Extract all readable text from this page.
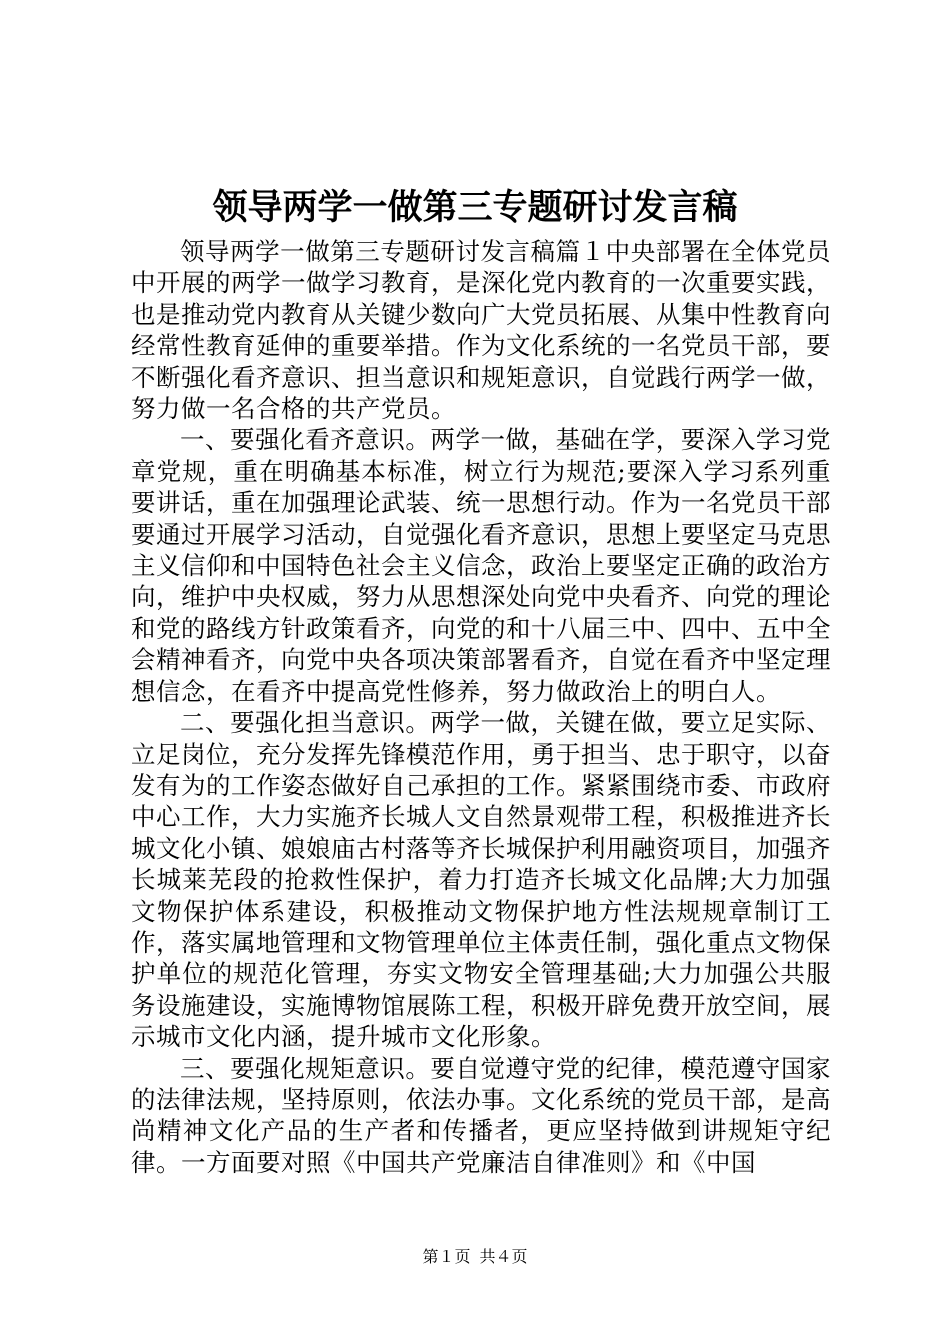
领导两学一做第三专题研讨发言稿

领导两学一做第三专题研讨发言稿篇１中央部署在全体党员中开展的两学一做学习教育，是深化党内教育的一次重要实践，也是推动党内教育从关键少数向广大党员拓展、从集中性教育向经常性教育延伸的重要举措。作为文化系统的一名党员干部，要不断强化看齐意识、担当意识和规矩意识，自觉践行两学一做，努力做一名合格的共产党员。

一、要强化看齐意识。两学一做，基础在学，要深入学习党章党规，重在明确基本标准，树立行为规范;要深入学习系列重要讲话，重在加强理论武装、统一思想行动。作为一名党员干部要通过开展学习活动，自觉强化看齐意识，思想上要坚定马克思主义信仰和中国特色社会主义信念，政治上要坚定正确的政治方向，维护中央权威，努力从思想深处向党中央看齐、向党的理论和党的路线方针政策看齐，向党的和十八届三中、四中、五中全会精神看齐，向党中央各项决策部署看齐，自觉在看齐中坚定理想信念，在看齐中提高党性修养，努力做政治上的明白人。

二、要强化担当意识。两学一做，关键在做，要立足实际、立足岗位，充分发挥先锋模范作用，勇于担当、忠于职守，以奋发有为的工作姿态做好自己承担的工作。紧紧围绕市委、市政府中心工作，大力实施齐长城人文自然景观带工程，积极推进齐长城文化小镇、娘娘庙古村落等齐长城保护利用融资项目，加强齐长城莱芜段的抢救性保护，着力打造齐长城文化品牌;大力加强文物保护体系建设，积极推动文物保护地方性法规规章制订工作，落实属地管理和文物管理单位主体责任制，强化重点文物保护单位的规范化管理，夯实文物安全管理基础;大力加强公共服务设施建设，实施博物馆展陈工程，积极开辟免费开放空间，展示城市文化内涵，提升城市文化形象。

三、要强化规矩意识。要自觉遵守党的纪律，模范遵守国家的法律法规，坚持原则，依法办事。文化系统的党员干部，是高尚精神文化产品的生产者和传播者，更应坚持做到讲规矩守纪律。一方面要对照《中国共产党廉洁自律准则》和《中国

第１页 共４页
